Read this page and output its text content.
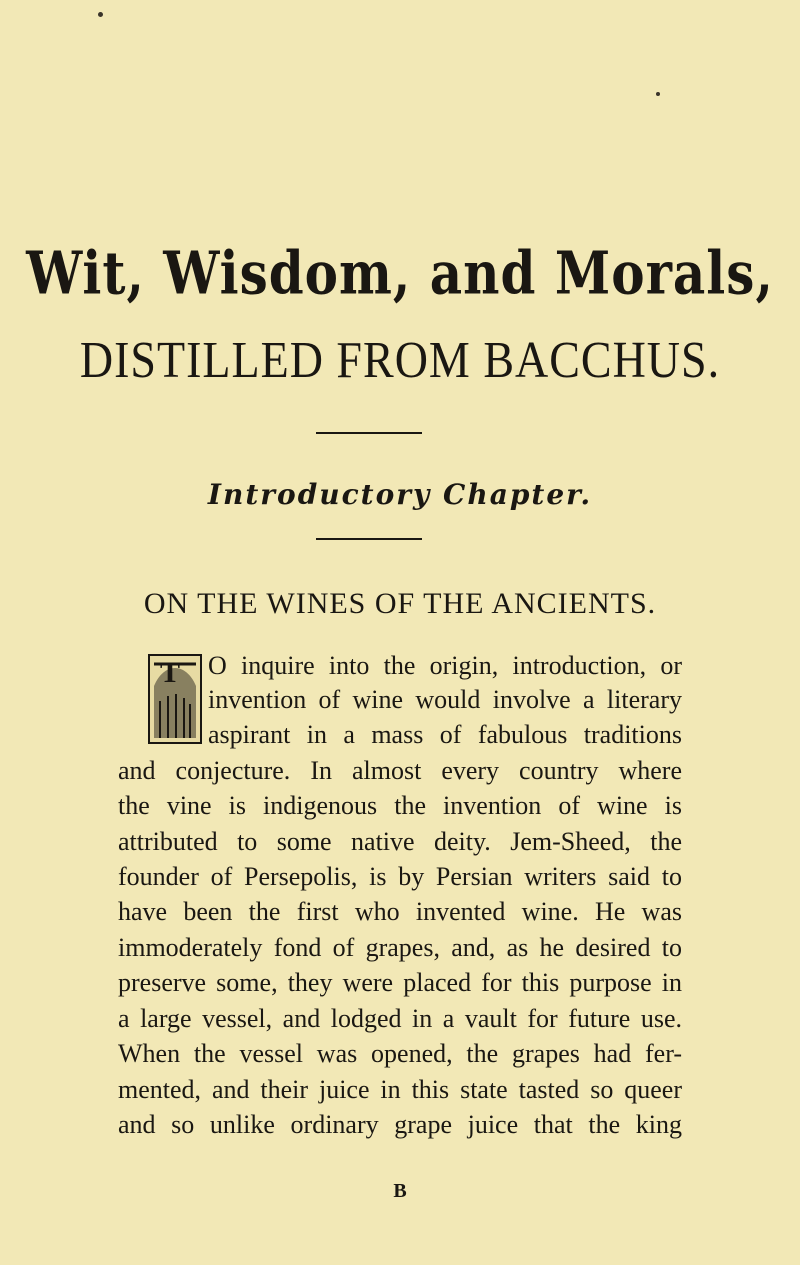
Wit, Wisdom, and Morals,
DISTILLED FROM BACCHUS.
Introductory Chapter.
ON THE WINES OF THE ANCIENTS.
T O inquire into the origin, introduction, or
invention of wine would involve a literary
aspirant in a mass of fabulous traditions
and conjecture. In almost every country where
the vine is indigenous the invention of wine is
attributed to some native deity. Jem-Sheed, the
founder of Persepolis, is by Persian writers said to
have been the first who invented wine. He was
immoderately fond of grapes, and, as he desired to
preserve some, they were placed for this purpose in
a large vessel, and lodged in a vault for future use.
When the vessel was opened, the grapes had fer-
mented, and their juice in this state tasted so queer
and so unlike ordinary grape juice that the king
B
